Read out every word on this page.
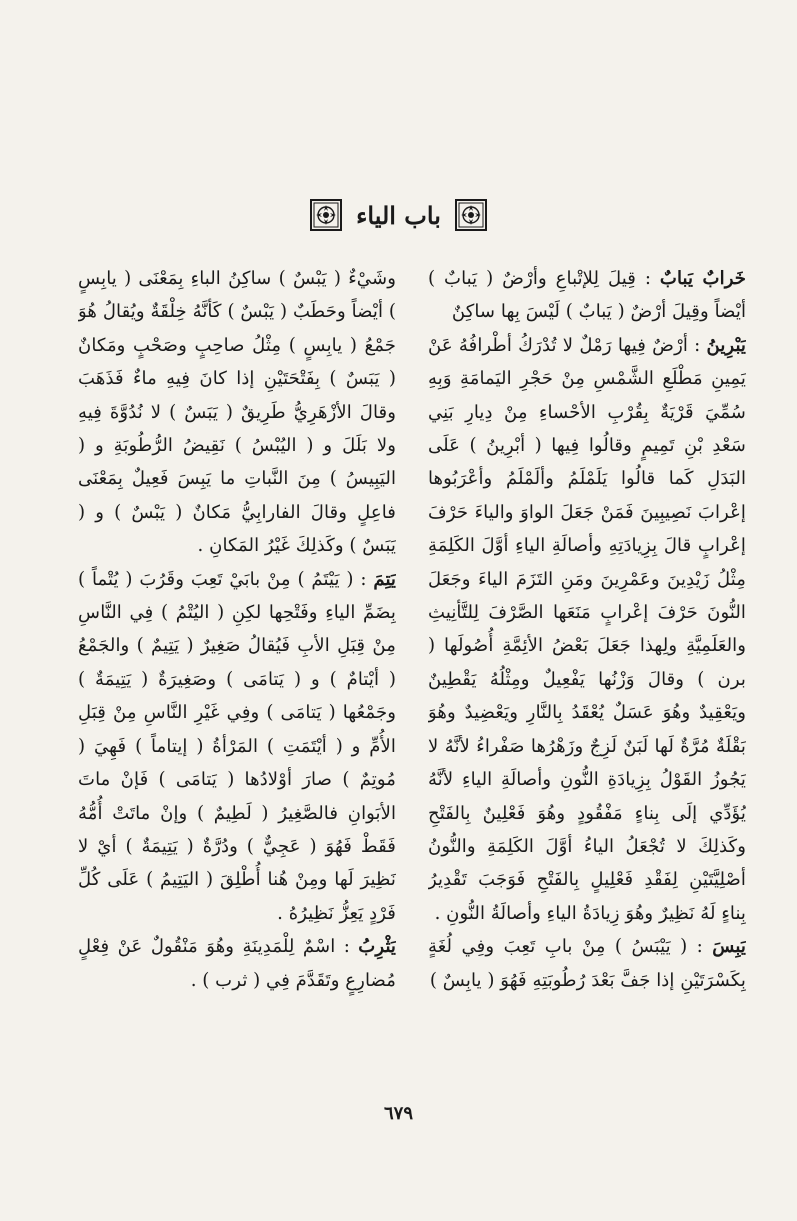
باب الياء

خَرابٌ يَبابٌ : قِيلَ لِلإتْباعِ وأرْضٌ ( يَبابٌ ) أيْضاً وقِيلَ أرْضٌ ( يَبابٌ ) لَيْسَ بِها ساكِنٌ

يَبْرِينُ : أرْضٌ فِيها رَمْلٌ لا تُدْرَكُ أطْرافُهُ عَنْ يَمِينِ مَطْلَعِ الشَّمْسِ مِنْ حَجْرِ اليَمامَةِ وَبِهِ سُمِّيَ قَرْيَةٌ بِقُرْبِ الأحْساءِ مِنْ دِيارِ بَنِي سَعْدِ بْنِ تَمِيمٍ وقالُوا فِيها ( أبْرِينُ ) عَلَى البَدَلِ كَما قالُوا يَلَمْلَمُ وألَمْلَمُ وأعْرَبُوها إعْرابَ نَصِيبِينَ فَمَنْ جَعَلَ الواوَ والياءَ حَرْفَ إعْرابٍ قالَ بِزِيادَتِهِ وأصالَةِ الياءِ أوَّلَ الكَلِمَةِ مِثْلُ زَيْدِينَ وعَمْرِينَ ومَنِ التَزَمَ الياءَ وجَعَلَ النُّونَ حَرْفَ إعْرابٍ مَنَعَها الصَّرْفَ لِلتَّأنِيثِ والعَلَمِيَّةِ ولِهذا جَعَلَ بَعْضُ الأئِمَّةِ أُصُولَها ( برن ) وقالَ وَزْنُها يَفْعِيلٌ ومِثْلُهُ يَقْطِينٌ ويَعْقِيدٌ وهُوَ عَسَلٌ يُعْقَدُ بِالنَّارِ ويَعْضِيدٌ وهُوَ بَقْلَةٌ مُرَّةٌ لَها لَبَنٌ لَزِجٌ وزَهْرُها صَفْراءُ لأنَّهُ لا يَجُوزُ القَوْلُ بِزِيادَةِ النُّونِ وأصالَةِ الياءِ لأنَّهُ يُؤَدِّي إلَى بِناءٍ مَفْقُودٍ وهُوَ فَعْلِينٌ بِالفَتْحِ وكَذلِكَ لا تُجْعَلُ الياءُ أوَّلَ الكَلِمَةِ والنُّونُ أصْلِيَّتَيْنِ لِفَقْدِ فَعْلِيلٍ بِالفَتْحِ فَوَجَبَ تَقْدِيرُ بِناءٍ لَهُ نَظِيرٌ وهُوَ زِيادَةُ الياءِ وأصالَةُ النُّونِ .

يَبِسَ : ( يَيْبَسُ ) مِنْ بابِ تَعِبَ وفِي لُغَةٍ بِكَسْرَتَيْنِ إذا جَفَّ بَعْدَ رُطُوبَتِهِ فَهُوَ ( يابِسٌ )

وشَيْءٌ ( يَبْسٌ ) ساكِنُ الباءِ بِمَعْنَى ( يابِسٍ ) أيْضاً وحَطَبٌ ( يَبْسٌ ) كَأنَّهُ خِلْقَةٌ ويُقالُ هُوَ جَمْعُ ( يابِسٍ ) مِثْلُ صاحِبٍ وصَحْبٍ ومَكانٌ ( يَبَسٌ ) بِفَتْحَتَيْنِ إذا كانَ فِيهِ ماءٌ فَذَهَبَ وقالَ الأزْهَرِيُّ طَرِيقٌ ( يَبَسٌ ) لا نُدُوَّةَ فِيهِ ولا بَلَلَ و ( اليُبْسُ ) نَقِيضُ الرُّطُوبَةِ و ( اليَبِيسُ ) مِنَ النَّباتِ ما يَبِسَ فَعِيلٌ بِمَعْنَى فاعِلٍ وقالَ الفارابِيُّ مَكانٌ ( يَبْسٌ ) و ( يَبَسٌ ) وكَذلِكَ غَيْرُ المَكانِ .

يَتِمَ : ( يَيْتَمُ ) مِنْ بابَيْ تَعِبَ وقَرُبَ ( يُتْماً ) بِضَمِّ الياءِ وفَتْحِها لكِنِ ( اليُتْمُ ) فِي النَّاسِ مِنْ قِبَلِ الأبِ فَيُقالُ صَغِيرٌ ( يَتِيمٌ ) والجَمْعُ ( أيْتامٌ ) و ( يَتامَى ) وصَغِيرَةٌ ( يَتِيمَةٌ ) وجَمْعُها ( يَتامَى ) وفِي غَيْرِ النَّاسِ مِنْ قِبَلِ الأُمِّ و ( أيْتَمَتِ ) المَرْأةُ ( إيتاماً ) فَهِيَ ( مُوتِمٌ ) صارَ أوْلادُها ( يَتامَى ) فَإنْ ماتَ الأبَوانِ فالصَّغِيرُ ( لَطِيمٌ ) وإنْ ماتَتْ أُمُّهُ فَقَطْ فَهُوَ ( عَجِيٌّ ) ودُرَّةٌ ( يَتِيمَةٌ ) أيْ لا نَظِيرَ لَها ومِنْ هُنا أُطْلِقَ ( اليَتِيمُ ) عَلَى كُلِّ فَرْدٍ يَعِزُّ نَظِيرُهُ .

يَثْرِبُ : اسْمٌ لِلْمَدِينَةِ وهُوَ مَنْقُولٌ عَنْ فِعْلٍ مُضارِعٍ وتَقَدَّمَ فِي ( ثرب ) .

٦٧٩
